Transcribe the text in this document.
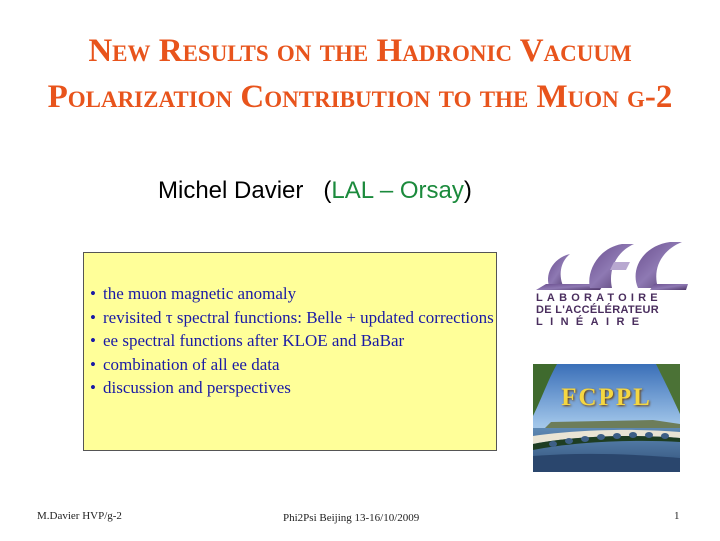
New Results on the Hadronic Vacuum
Polarization Contribution to the Muon g-2
Michel Davier (LAL – Orsay)
• the muon magnetic anomaly
• revisited τ spectral functions: Belle + updated corrections
• ee spectral functions after KLOE and BaBar
• combination of all ee data
• discussion and perspectives
LABORATOIRE
DE L'ACCÉLÉRATEUR
LINÉAIRE
FCPPL
M.Davier HVP/g-2	Phi2Psi Beijing 13-16/10/2009	1
